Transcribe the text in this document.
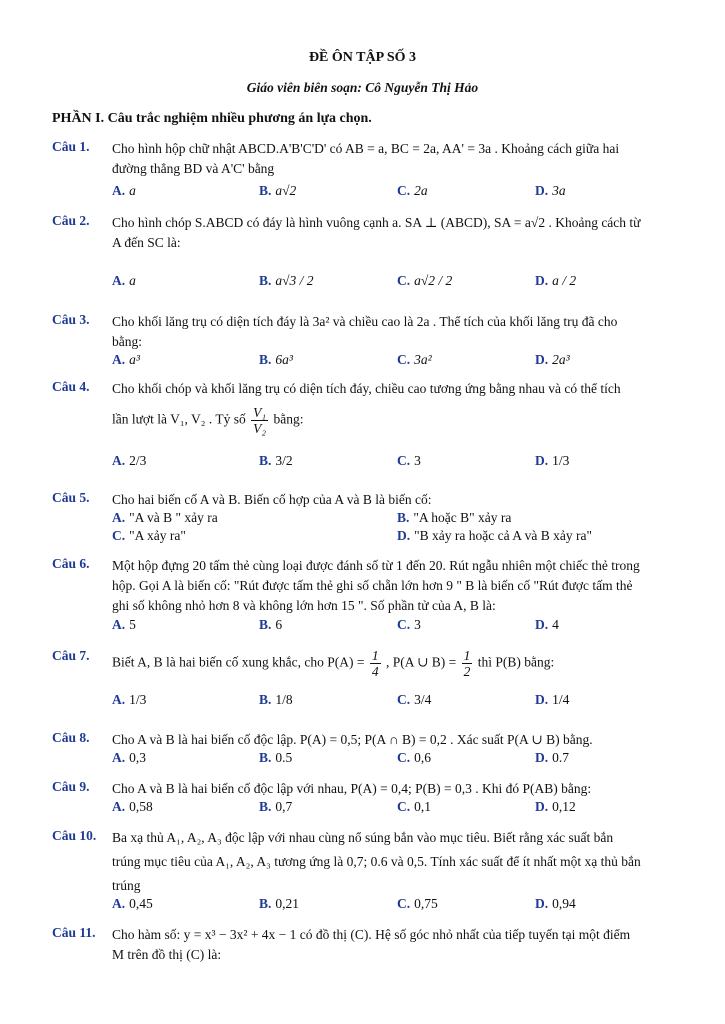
ĐỀ ÔN TẬP SỐ 3
Giáo viên biên soạn: Cô Nguyễn Thị Hảo
PHẦN I. Câu trắc nghiệm nhiều phương án lựa chọn.
Câu 1. Cho hình hộp chữ nhật ABCD.A'B'C'D' có AB = a, BC = 2a, AA' = 3a . Khoảng cách giữa hai
đường thẳng BD và A'C' bằng
A. a	B. a√2	C. 2a	D. 3a
Câu 2. Cho hình chóp S.ABCD có đáy là hình vuông cạnh a. SA ⊥ (ABCD), SA = a√2 . Khoảng cách từ
A đến SC là:
A. a	B. a√3 / 2	C. a√2 / 2	D. a / 2
Câu 3. Cho khối lăng trụ có diện tích đáy là 3a² và chiều cao là 2a . Thể tích của khối lăng trụ đã cho
bằng:
A. a³	B. 6a³	C. 3a²	D. 2a³
Câu 4. Cho khối chóp và khối lăng trụ có diện tích đáy, chiều cao tương ứng bằng nhau và có thể tích
lần lượt là V₁, V₂ . Tỷ số $\frac{\text{V₁}}{\text{V₂}}$ bằng:
A. 2/3	B. 3/2	C. 3	D. 1/3
Câu 5. Cho hai biến cố A và B. Biến cố hợp của A và B là biến cố:
A. "A và B " xảy ra	B. "A hoặc B" xảy ra
C. "A xảy ra"	D. "B xảy ra hoặc cả A và B xảy ra"
Câu 6. Một hộp đựng 20 tấm thẻ cùng loại được đánh số từ 1 đến 20. Rút ngẫu nhiên một chiếc thẻ trong
hộp. Gọi A là biến cố: "Rút được tấm thẻ ghi số chẵn lớn hơn 9 " B là biến cố "Rút được tấm thẻ
ghi số không nhỏ hơn 8 và không lớn hơn 15 ". Số phần tử của A, B là:
A. 5	B. 6	C. 3	D. 4
Câu 7. Biết A, B là hai biến cố xung khắc, cho $P(A) = \frac{1}{4}$ , P(A ∪ $B) = \frac{1}{2}$ thì P(B) bằng:
A. 1/3	B. 1/8	C. 3/4	D. 1/4
Câu 8. Cho A và B là hai biến cố độc lập. P(A) = 0,5; P(A ∩ B) = 0,2 . Xác suất P(A ∪ B) bằng.
A. 0,3	B. 0.5	C. 0,6	D. 0.7
Câu 9. Cho A và B là hai biến cố độc lập với nhau, P(A) = 0,4; P(B) = 0,3 . Khi đó P(AB) bằng:
A. 0,58	B. 0,7	C. 0,1	D. 0,12
Câu 10. Ba xạ thủ A₁, A₂, A₃ độc lập với nhau cùng nổ súng bắn vào mục tiêu. Biết rằng xác suất bắn
trúng mục tiêu của A₁, A₂, A₃ tương ứng là 0,7; 0.6 và 0,5. Tính xác suất để ít nhất một xạ thủ bắn
trúng
A. 0,45	B. 0,21	C. 0,75	D. 0,94
Câu 11. Cho hàm số: y = x³ − 3x² + 4x − 1 có đồ thị (C). Hệ số góc nhỏ nhất của tiếp tuyến tại một điểm
M trên đồ thị (C) là:
